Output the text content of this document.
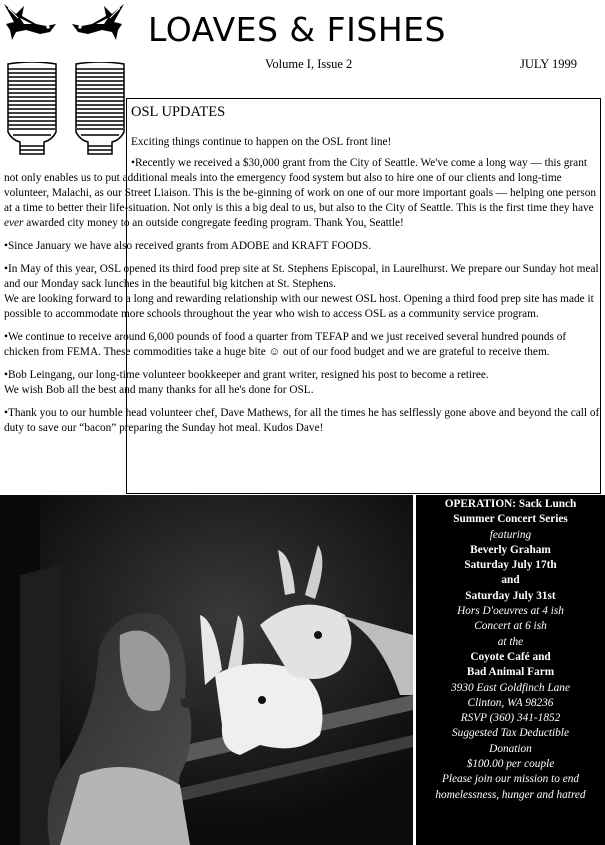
LOAVES & FISHES
Volume I, Issue 2	JULY 1999
OSL UPDATES

Exciting things continue to happen on the OSL front line!

•Recently we received a $30,000 grant from the City of Seattle. We've come a long way — this grant not only enables us to put additional meals into the emergency food system but also to hire one of our clients and long-time volunteer, Malachi, as our Street Liaison. This is the be-ginning of work on one of our more important goals — helping one person at a time to better their life-situation. Not only is this a big deal to us, but also to the City of Seattle. This is the first time they have ever awarded city money to an outside congregate feeding program. Thank You, Seattle!

•Since January we have also received grants from ADOBE and KRAFT FOODS.

•In May of this year, OSL opened its third food prep site at St. Stephens Episcopal, in Laurelhurst. We prepare our Sunday hot meal and our Monday sack lunches in the beautiful big kitchen at St. Stephens.
We are looking forward to a long and rewarding relationship with our newest OSL host. Opening a third food prep site has made it possible to accommodate more schools throughout the year who wish to access OSL as a community service program.

•We continue to receive around 6,000 pounds of food a quarter from TEFAP and we just received several hundred pounds of chicken from FEMA. These commodities take a huge bite ☺ out of our food budget and we are grateful to receive them.

•Bob Leingang, our long-time volunteer bookkeeper and grant writer, resigned his post to become a retiree.
We wish Bob all the best and many thanks for all he's done for OSL.

•Thank you to our humble head volunteer chef, Dave Mathews, for all the times he has selflessly gone above and beyond the call of duty to save our “bacon” preparing the Sunday hot meal. Kudos Dave!

OPERATION: Sack Lunch
Summer Concert Series
featuring
Beverly Graham
Saturday July 17th
and
Saturday July 31st
Hors D'oeuvres at 4 ish
Concert at 6 ish
at the
Coyote Café and
Bad Animal Farm
3930 East Goldfinch Lane
Clinton, WA 98236
RSVP (360) 341-1852
Suggested Tax Deductible
Donation
$100.00 per couple
Please join our mission to end homelessness, hunger and hatred
